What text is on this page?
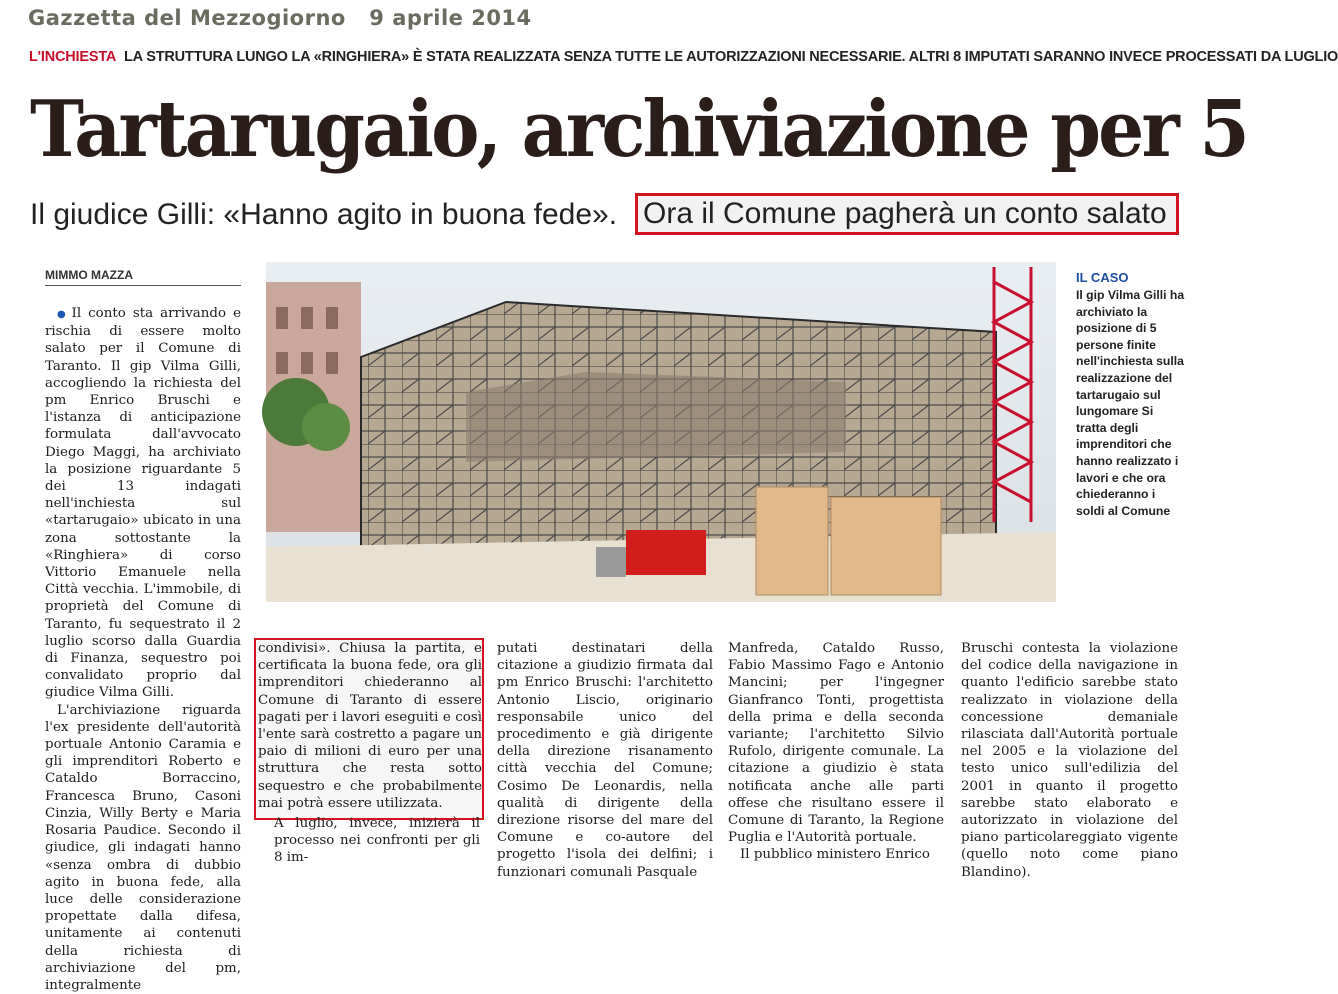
Gazzetta del Mezzogiorno   9 aprile 2014
L'INCHIESTA LA STRUTTURA LUNGO LA «RINGHIERA» È STATA REALIZZATA SENZA TUTTE LE AUTORIZZAZIONI NECESSARIE. ALTRI 8 IMPUTATI SARANNO INVECE PROCESSATI DA LUGLIO
Tartarugaio, archiviazione per 5
Il giudice Gilli: «Hanno agito in buona fede». Ora il Comune pagherà un conto salato
MIMMO MAZZA

● Il conto sta arrivando e rischia di essere molto salato per il Comune di Taranto. Il gip Vilma Gilli, accogliendo la richiesta del pm Enrico Bruschi e l'istanza di anticipazione formulata dall'avvocato Diego Maggi, ha archiviato la posizione riguardante 5 dei 13 indagati nell'inchiesta sul «tartarugaio» ubicato in una zona sottostante la «Ringhiera» di corso Vittorio Emanuele nella Città vecchia. L'immobile, di proprietà del Comune di Taranto, fu sequestrato il 2 luglio scorso dalla Guardia di Finanza, sequestro poi convalidato proprio dal giudice Vilma Gilli.

L'archiviazione riguarda l'ex presidente dell'autorità portuale Antonio Caramia e gli imprenditori Roberto e Cataldo Borraccino, Francesca Bruno, Casoni Cinzia, Willy Berty e Maria Rosaria Paudice. Secondo il giudice, gli indagati hanno «senza ombra di dubbio agito in buona fede, alla luce delle considerazione propettate dalla difesa, unitamente ai contenuti della richiesta di archiviazione del pm, integralmente

IL CASO
Il gip Vilma Gilli ha archiviato la posizione di 5 persone finite nell'inchiesta sulla realizzazione del tartarugaio sul lungomare Si tratta degli imprenditori che hanno realizzato i lavori e che ora chiederanno i soldi al Comune

condivisi». Chiusa la partita, e certificata la buona fede, ora gli imprenditori chiederanno al Comune di Taranto di essere pagati per i lavori eseguiti e così l'ente sarà costretto a pagare un paio di milioni di euro per una struttura che resta sotto sequestro e che probabilmente mai potrà essere utilizzata.

A luglio, invece, inizierà il processo nei confronti per gli 8 im-
putati destinatari della citazione a giudizio firmata dal pm Enrico Bruschi: l'architetto Antonio Liscio, originario responsabile unico del procedimento e già dirigente della direzione risanamento città vecchia del Comune; Cosimo De Leonardis, nella qualità di dirigente della direzione risorse del mare del Comune e co-autore del progetto l'isola dei delfini; i funzionari comunali Pasquale

Manfreda, Cataldo Russo, Fabio Massimo Fago e Antonio Mancini; per l'ingegner Gianfranco Tonti, progettista della prima e della seconda variante; l'architetto Silvio Rufolo, dirigente comunale. La citazione a giudizio è stata notificata anche alle parti offese che risultano essere il Comune di Taranto, la Regione Puglia e l'Autorità portuale.

Il pubblico ministero Enrico

Bruschi contesta la violazione del codice della navigazione in quanto l'edificio sarebbe stato realizzato in violazione della concessione demaniale rilasciata dall'Autorità portuale nel 2005 e la violazione del testo unico sull'edilizia del 2001 in quanto il progetto sarebbe stato elaborato e autorizzato in violazione del piano particolareggiato vigente (quello noto come piano Blandino).
